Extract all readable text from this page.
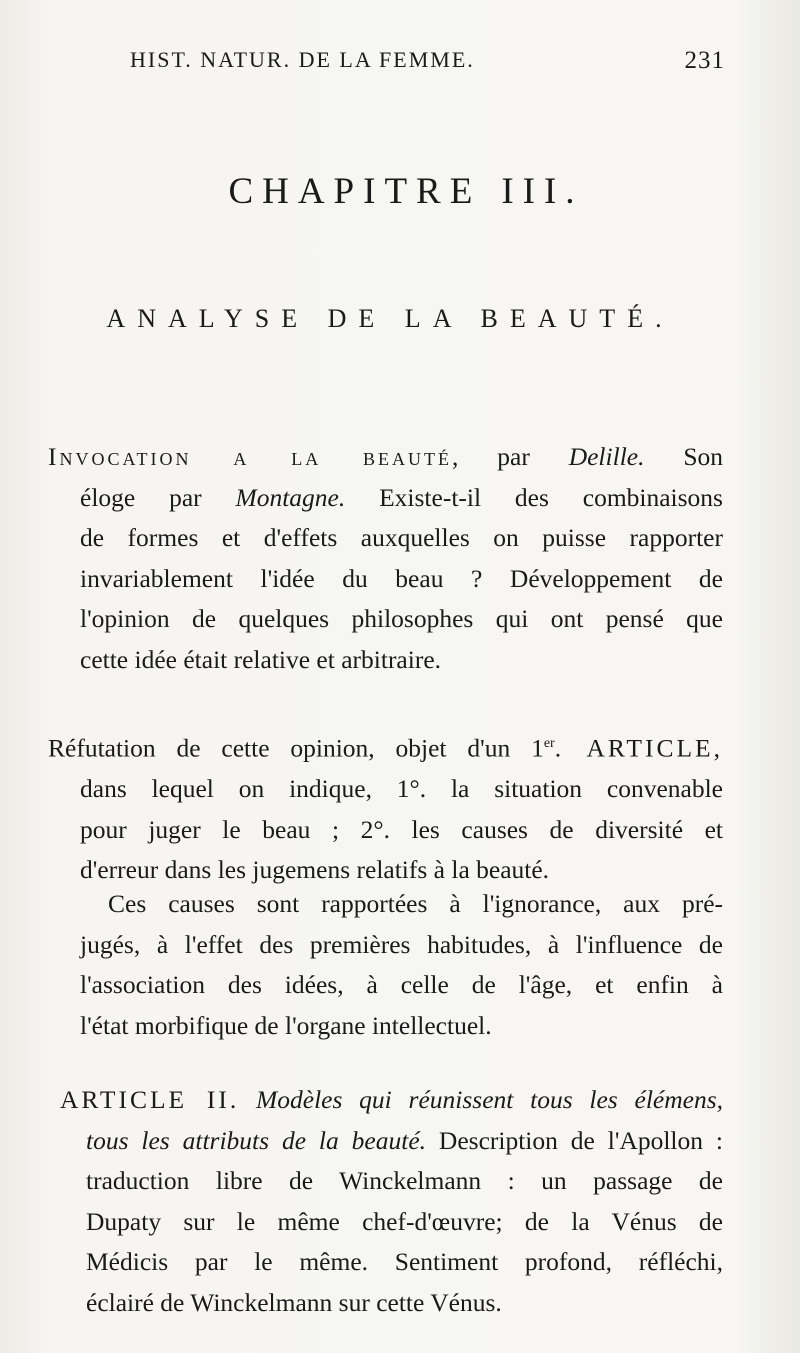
HIST. NATUR. DE LA FEMME.	231
CHAPITRE III.
ANALYSE DE LA BEAUTÉ.
Invocation a la beauté, par Delille. Son
éloge par Montagne. Existe-t-il des combinaisons
de formes et d'effets auxquelles on puisse rapporter
invariablement l'idée du beau ? Développement de
l'opinion de quelques philosophes qui ont pensé que
cette idée était relative et arbitraire.
Réfutation de cette opinion, objet d'un 1er. ARTICLE,
dans lequel on indique, 1°. la situation convenable
pour juger le beau ; 2°. les causes de diversité et
d'erreur dans les jugemens relatifs à la beauté.
Ces causes sont rapportées à l'ignorance, aux pré-
jugés, à l'effet des premières habitudes, à l'influence de
l'association des idées, à celle de l'âge, et enfin à
l'état morbifique de l'organe intellectuel.
ARTICLE II. Modèles qui réunissent tous les élémens,
tous les attributs de la beauté. Description de l'Apollon :
traduction libre de Winckelmann : un passage de
Dupaty sur le même chef-d'œuvre; de la Vénus de
Médicis par le même. Sentiment profond, réfléchi,
éclairé de Winckelmann sur cette Vénus.
